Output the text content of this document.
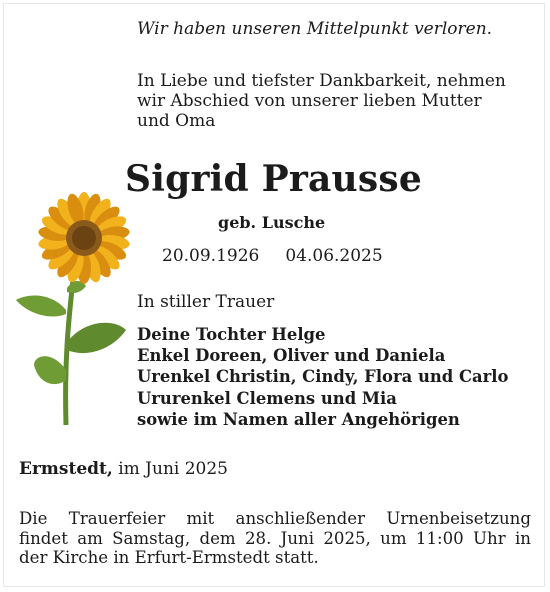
Wir haben unseren Mittelpunkt verloren.
In Liebe und tiefster Dankbarkeit, nehmen
wir Abschied von unserer lieben Mutter
und Oma
Sigrid Prausse
geb. Lusche
20.09.1926 04.06.2025
In stiller Trauer
Deine Tochter Helge
Enkel Doreen, Oliver und Daniela
Urenkel Christin, Cindy, Flora und Carlo
Ururenkel Clemens und Mia
sowie im Namen aller Angehörigen
Ermstedt, im Juni 2025
Die Trauerfeier mit anschließender Urnenbeisetzung
findet am Samstag, dem 28. Juni 2025, um 11:00 Uhr in
der Kirche in Erfurt-Ermstedt statt.
